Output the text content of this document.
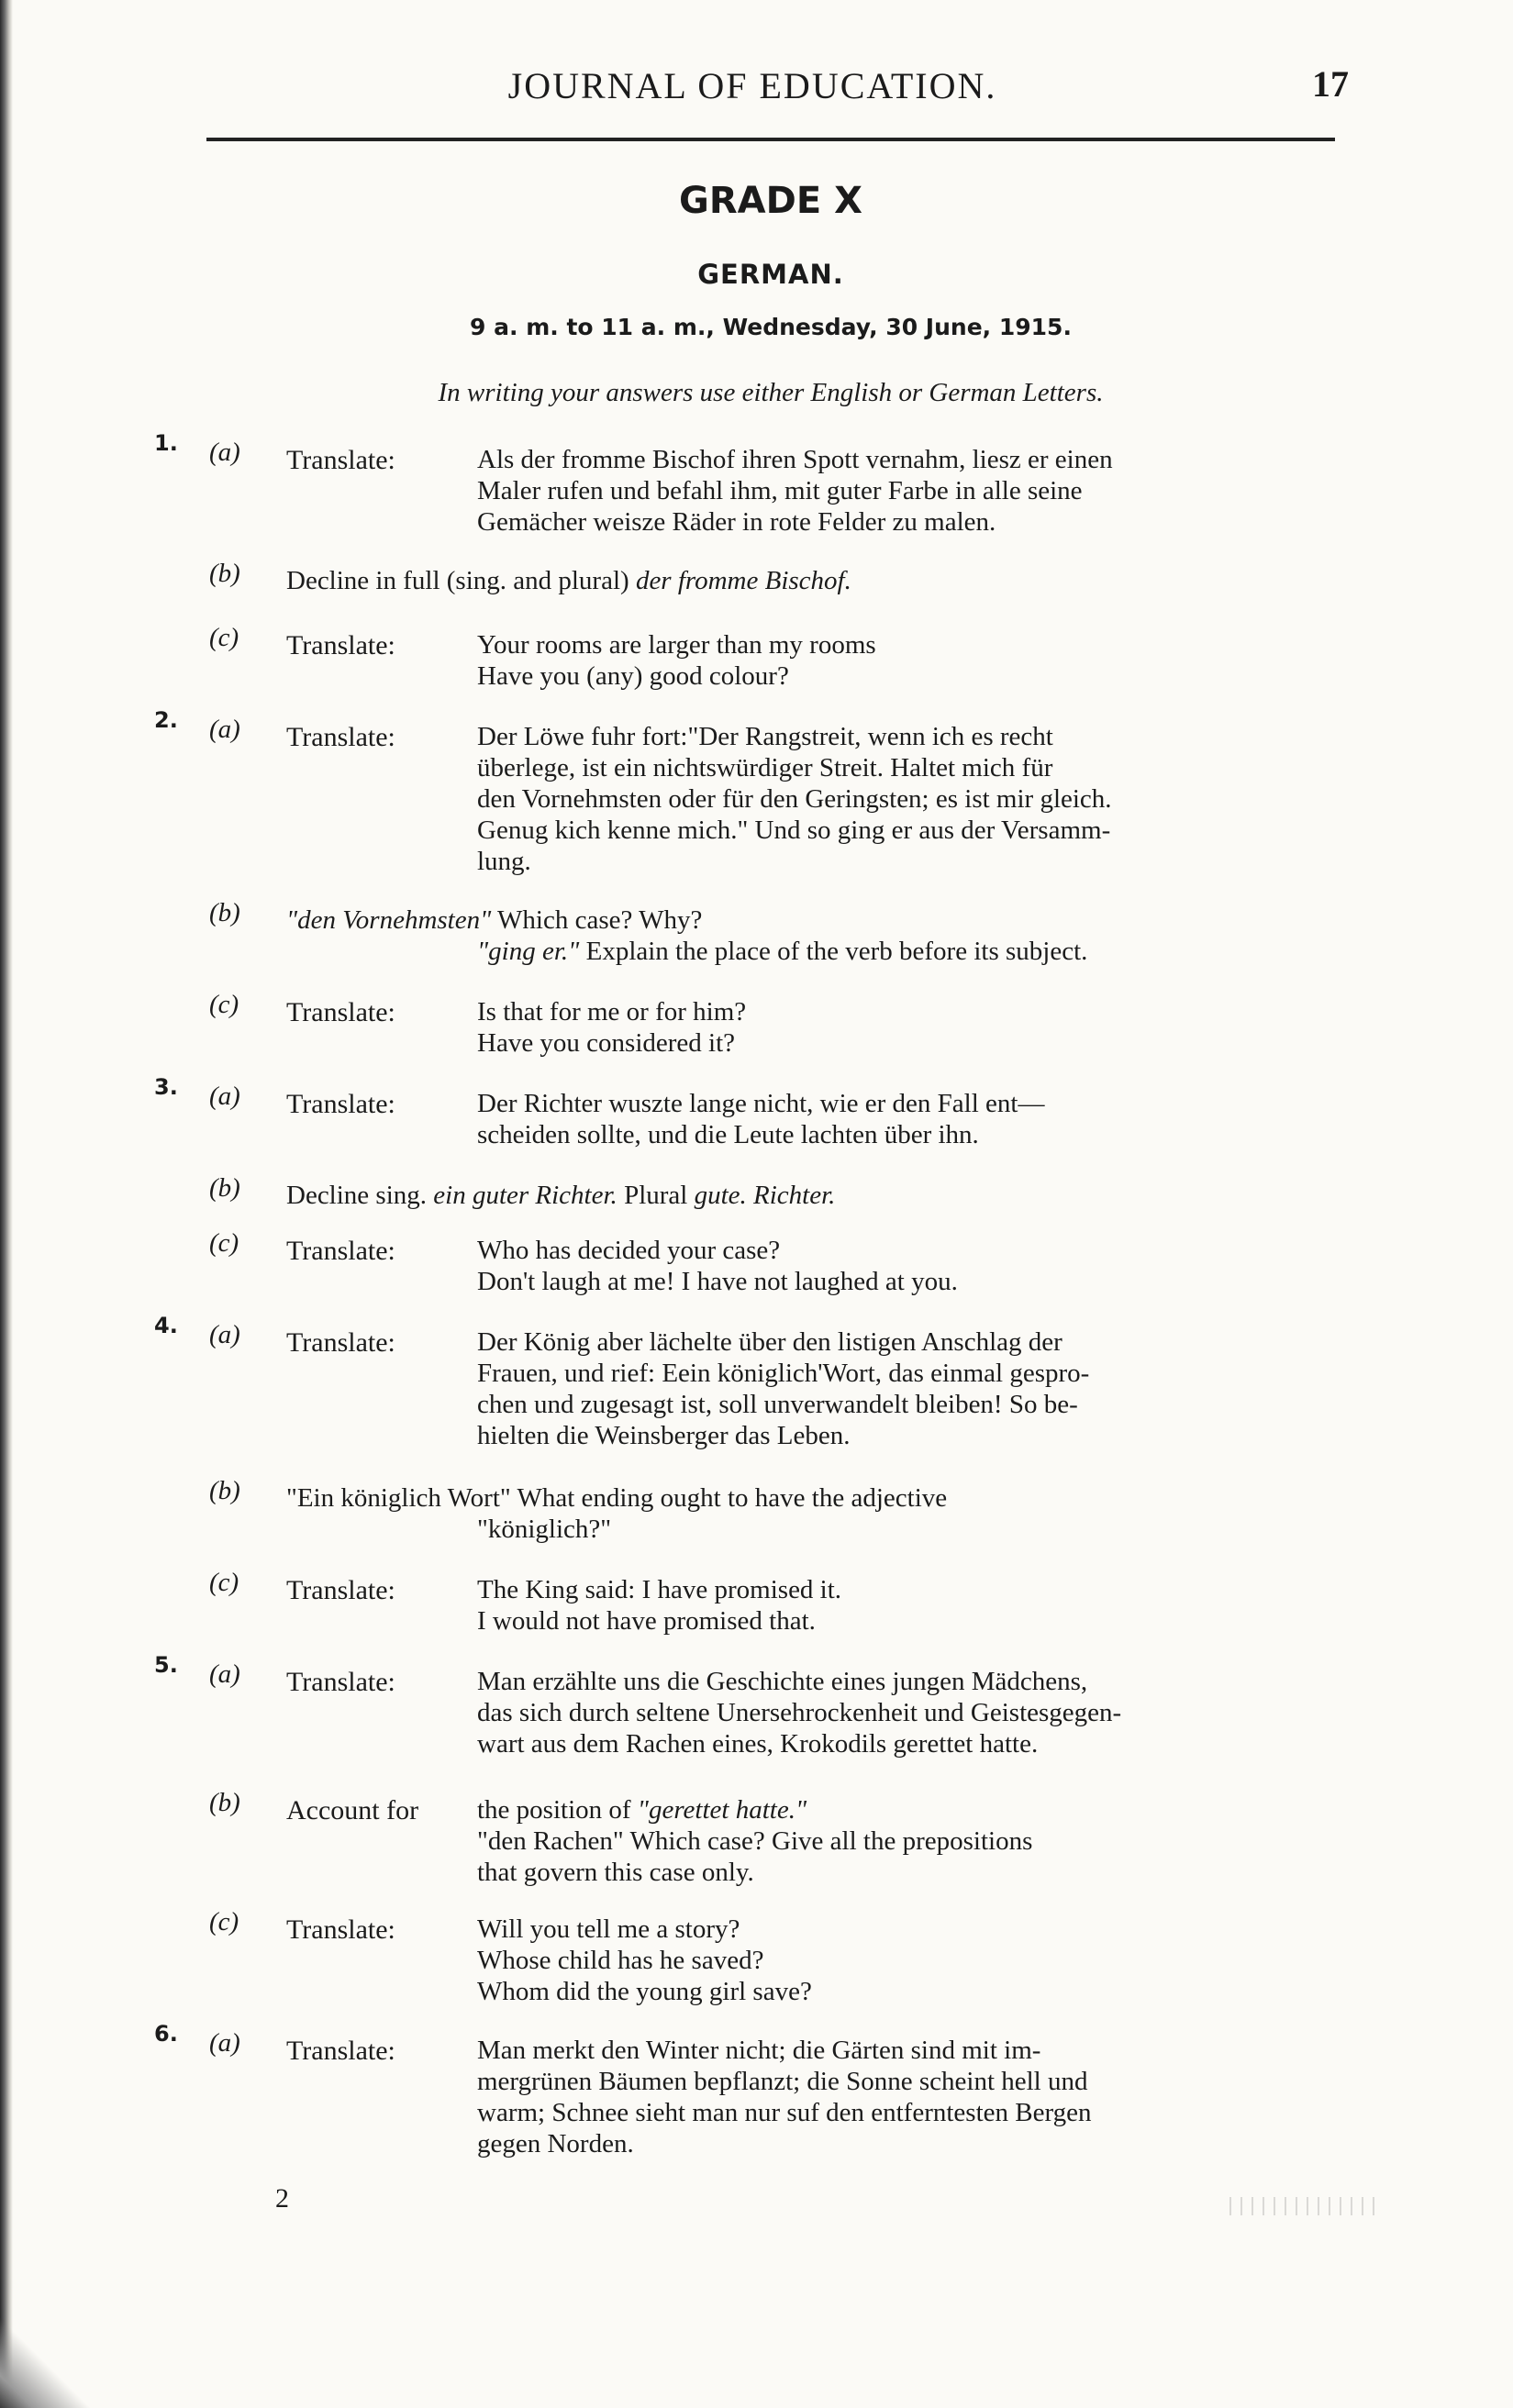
JOURNAL OF EDUCATION.	17
GRADE X
GERMAN.
9 a. m. to 11 a. m., Wednesday, 30 June, 1915.
In writing your answers use either English or German Letters.
1. (a) Translate:	Als der fromme Bischof ihren Spott vernahm, liesz er einen
Maler rufen und befahl ihm, mit guter Farbe in alle seine
Gemächer weisze Räder in rote Felder zu malen.
(b) Decline in full (sing. and plural) der fromme Bischof.
(c) Translate:	Your rooms are larger than my rooms
Have you (any) good colour?
2. (a) Translate:	Der Löwe fuhr fort:"Der Rangstreit, wenn ich es recht
überlege, ist ein nichtswürdiger Streit. Haltet mich für
den Vornehmsten oder für den Geringsten; es ist mir gleich.
Genug kich kenne mich." Und so ging er aus der Versamm-
lung.
(b) "den Vornehmsten" Which case? Why?
"ging er." Explain the place of the verb before its subject.
(c) Translate:	Is that for me or for him?
Have you considered it?
3. (a) Translate:	Der Richter wuszte lange nicht, wie er den Fall ent—
scheiden sollte, und die Leute lachten über ihn.
(b) Decline sing. ein guter Richter. Plural gute. Richter.
(c) Translate:	Who has decided your case?
Don't laugh at me! I have not laughed at you.
4. (a) Translate:	Der König aber lächelte über den listigen Anschlag der
Frauen, und rief: Eein königlich'Wort, das einmal gespro-
chen und zugesagt ist, soll unverwandelt bleiben! So be-
hielten die Weinsberger das Leben.
(b) "Ein königlich Wort" What ending ought to have the adjective
"königlich?"
(c) Translate:	The King said: I have promised it.
I would not have promised that.
5. (a) Translate:	Man erzählte uns die Geschichte eines jungen Mädchens,
das sich durch seltene Unersehrockenheit und Geistesgegen-
wart aus dem Rachen eines, Krokodils gerettet hatte.
(b) Account for the position of "gerettet hatte."
"den Rachen" Which case? Give all the prepositions
that govern this case only.
(c) Translate:	Will you tell me a story?
Whose child has he saved?
Whom did the young girl save?
6. (a) Translate:	Man merkt den Winter nicht; die Gärten sind mit im-
mergrünen Bäumen bepflanzt; die Sonne scheint hell und
warm; Schnee sieht man nur suf den entferntesten Bergen
gegen Norden.
2
